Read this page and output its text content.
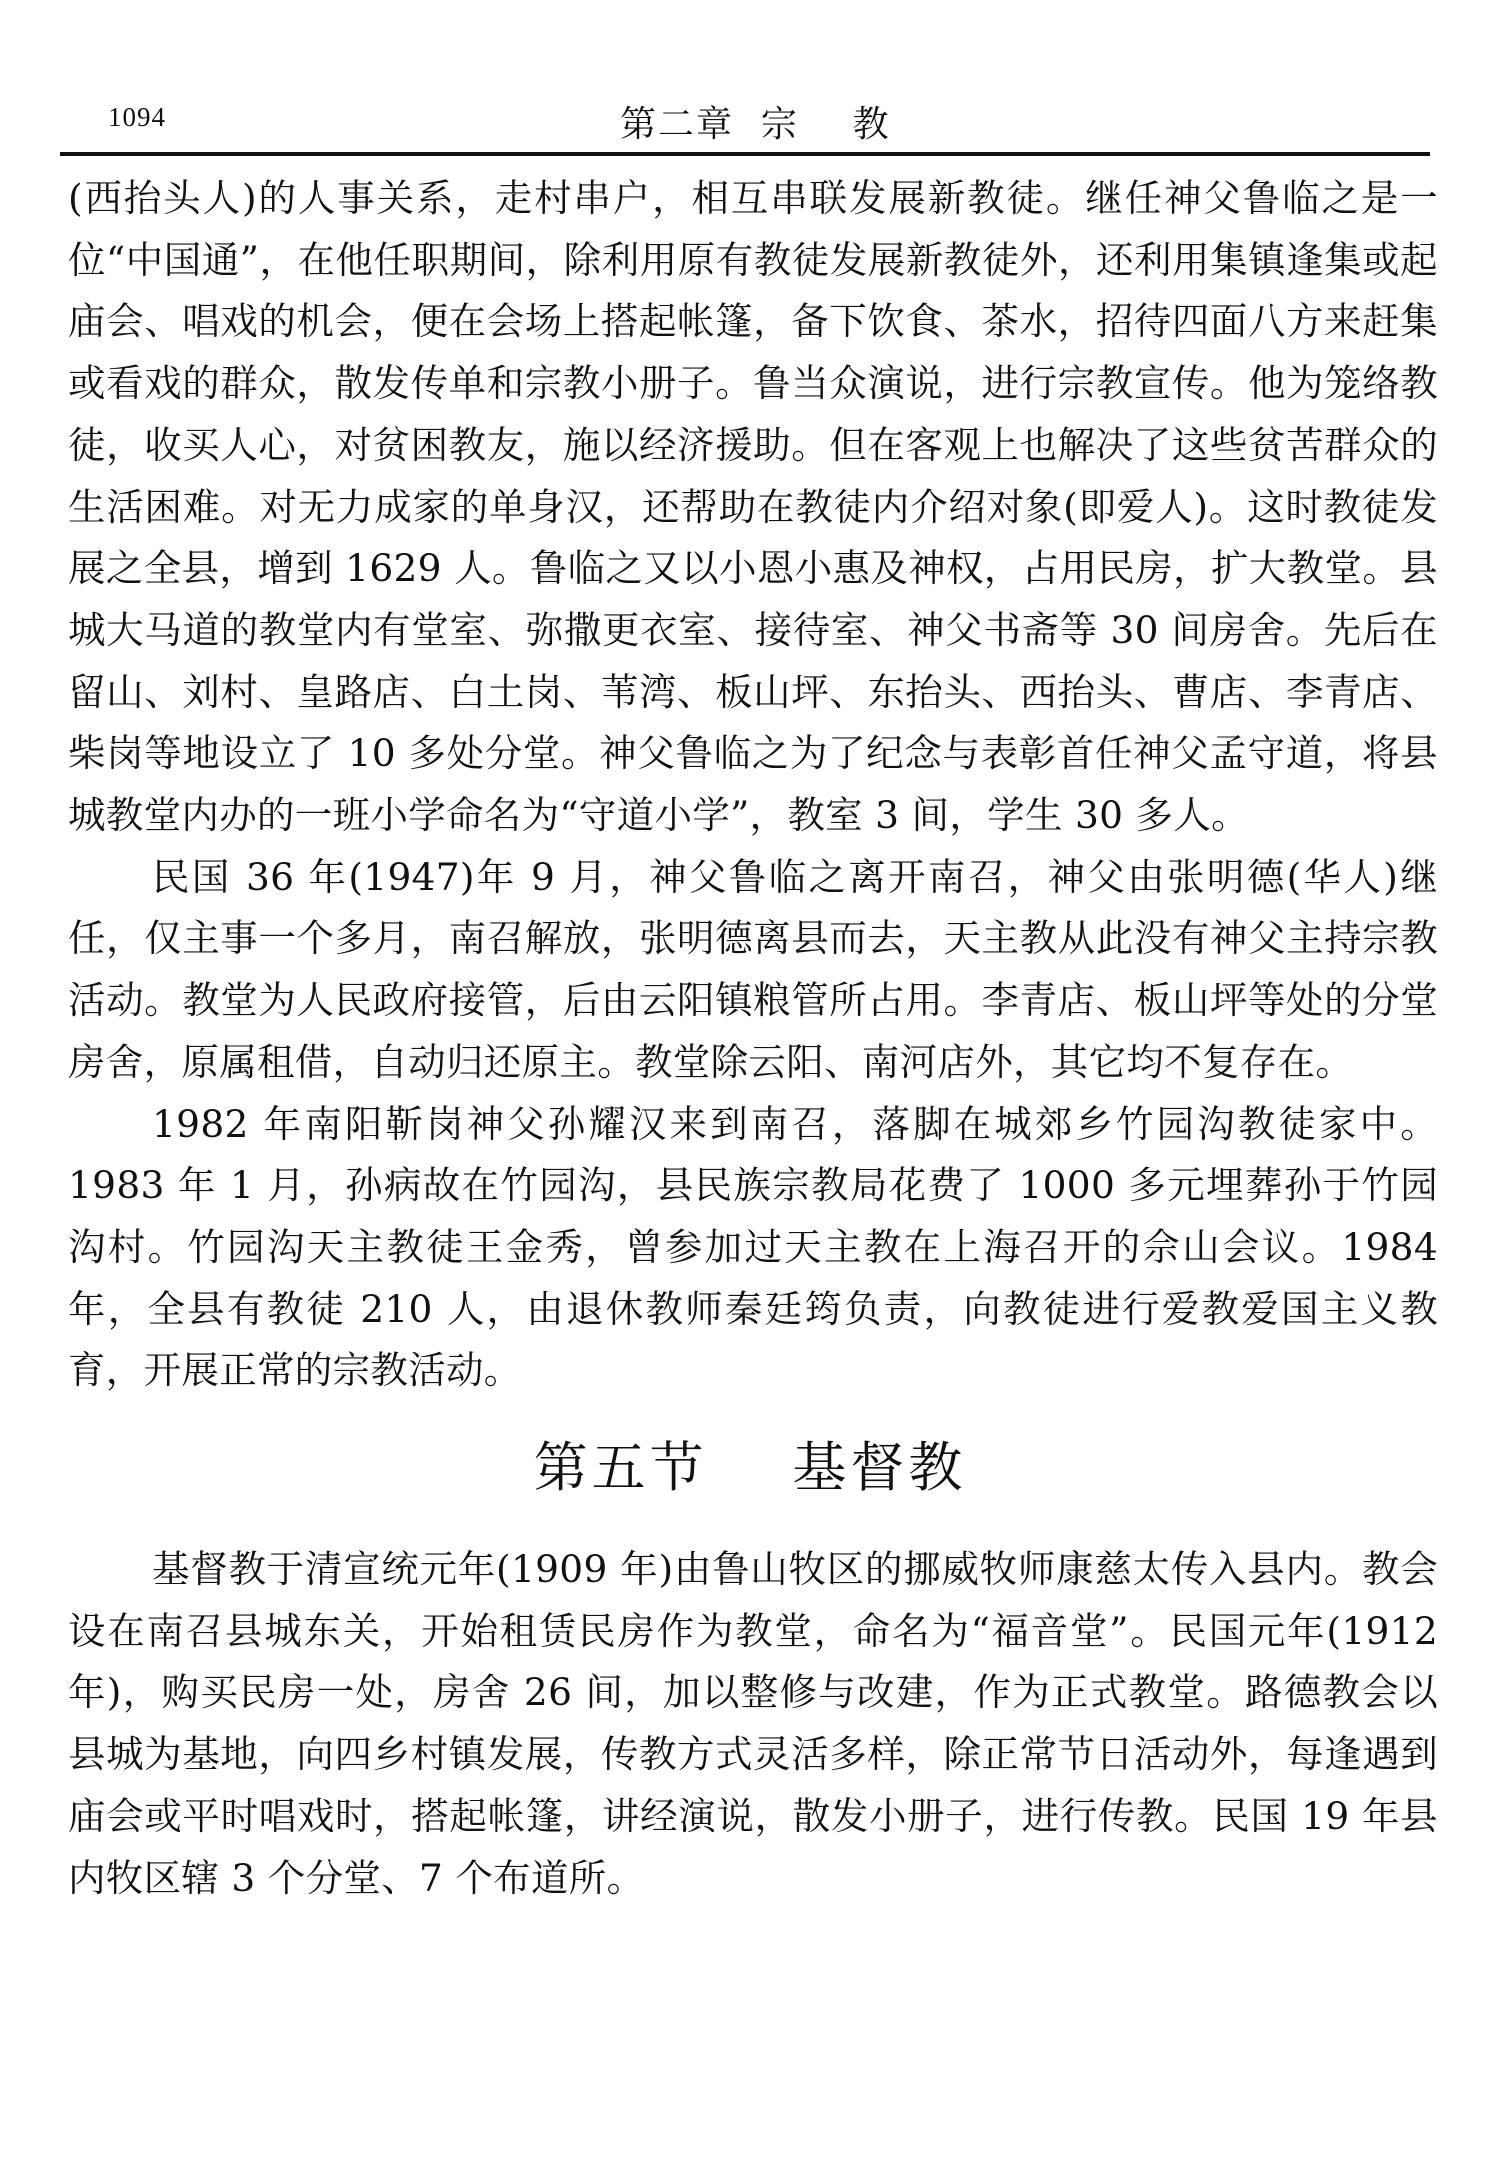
1094	第二章  宗    教

(西抬头人)的人事关系，走村串户，相互串联发展新教徒。继任神父鲁临之是一位“中国通”，在他任职期间，除利用原有教徒发展新教徒外，还利用集镇逢集或起庙会、唱戏的机会，便在会场上搭起帐篷，备下饮食、茶水，招待四面八方来赶集或看戏的群众，散发传单和宗教小册子。鲁当众演说，进行宗教宣传。他为笼络教徒，收买人心，对贫困教友，施以经济援助。但在客观上也解决了这些贫苦群众的生活困难。对无力成家的单身汉，还帮助在教徒内介绍对象(即爱人)。这时教徒发展之全县，增到 1629 人。鲁临之又以小恩小惠及神权，占用民房，扩大教堂。县城大马道的教堂内有堂室、弥撒更衣室、接待室、神父书斋等 30 间房舍。先后在留山、刘村、皇路店、白土岗、苇湾、板山坪、东抬头、西抬头、曹店、李青店、柴岗等地设立了 10 多处分堂。神父鲁临之为了纪念与表彰首任神父孟守道，将县城教堂内办的一班小学命名为“守道小学”，教室 3 间，学生 30 多人。

民国 36 年(1947)年 9 月，神父鲁临之离开南召，神父由张明德(华人)继任，仅主事一个多月，南召解放，张明德离县而去，天主教从此没有神父主持宗教活动。教堂为人民政府接管，后由云阳镇粮管所占用。李青店、板山坪等处的分堂房舍，原属租借，自动归还原主。教堂除云阳、南河店外，其它均不复存在。

1982 年南阳靳岗神父孙耀汉来到南召，落脚在城郊乡竹园沟教徒家中。1983 年 1 月，孙病故在竹园沟，县民族宗教局花费了 1000 多元埋葬孙于竹园沟村。竹园沟天主教徒王金秀，曾参加过天主教在上海召开的佘山会议。1984 年，全县有教徒 210 人，由退休教师秦廷筠负责，向教徒进行爱教爱国主义教育，开展正常的宗教活动。

第五节    基督教

基督教于清宣统元年(1909 年)由鲁山牧区的挪威牧师康慈太传入县内。教会设在南召县城东关，开始租赁民房作为教堂，命名为“福音堂”。民国元年(1912 年)，购买民房一处，房舍 26 间，加以整修与改建，作为正式教堂。路德教会以县城为基地，向四乡村镇发展，传教方式灵活多样，除正常节日活动外，每逢遇到庙会或平时唱戏时，搭起帐篷，讲经演说，散发小册子，进行传教。民国 19 年县内牧区辖 3 个分堂、7 个布道所。
